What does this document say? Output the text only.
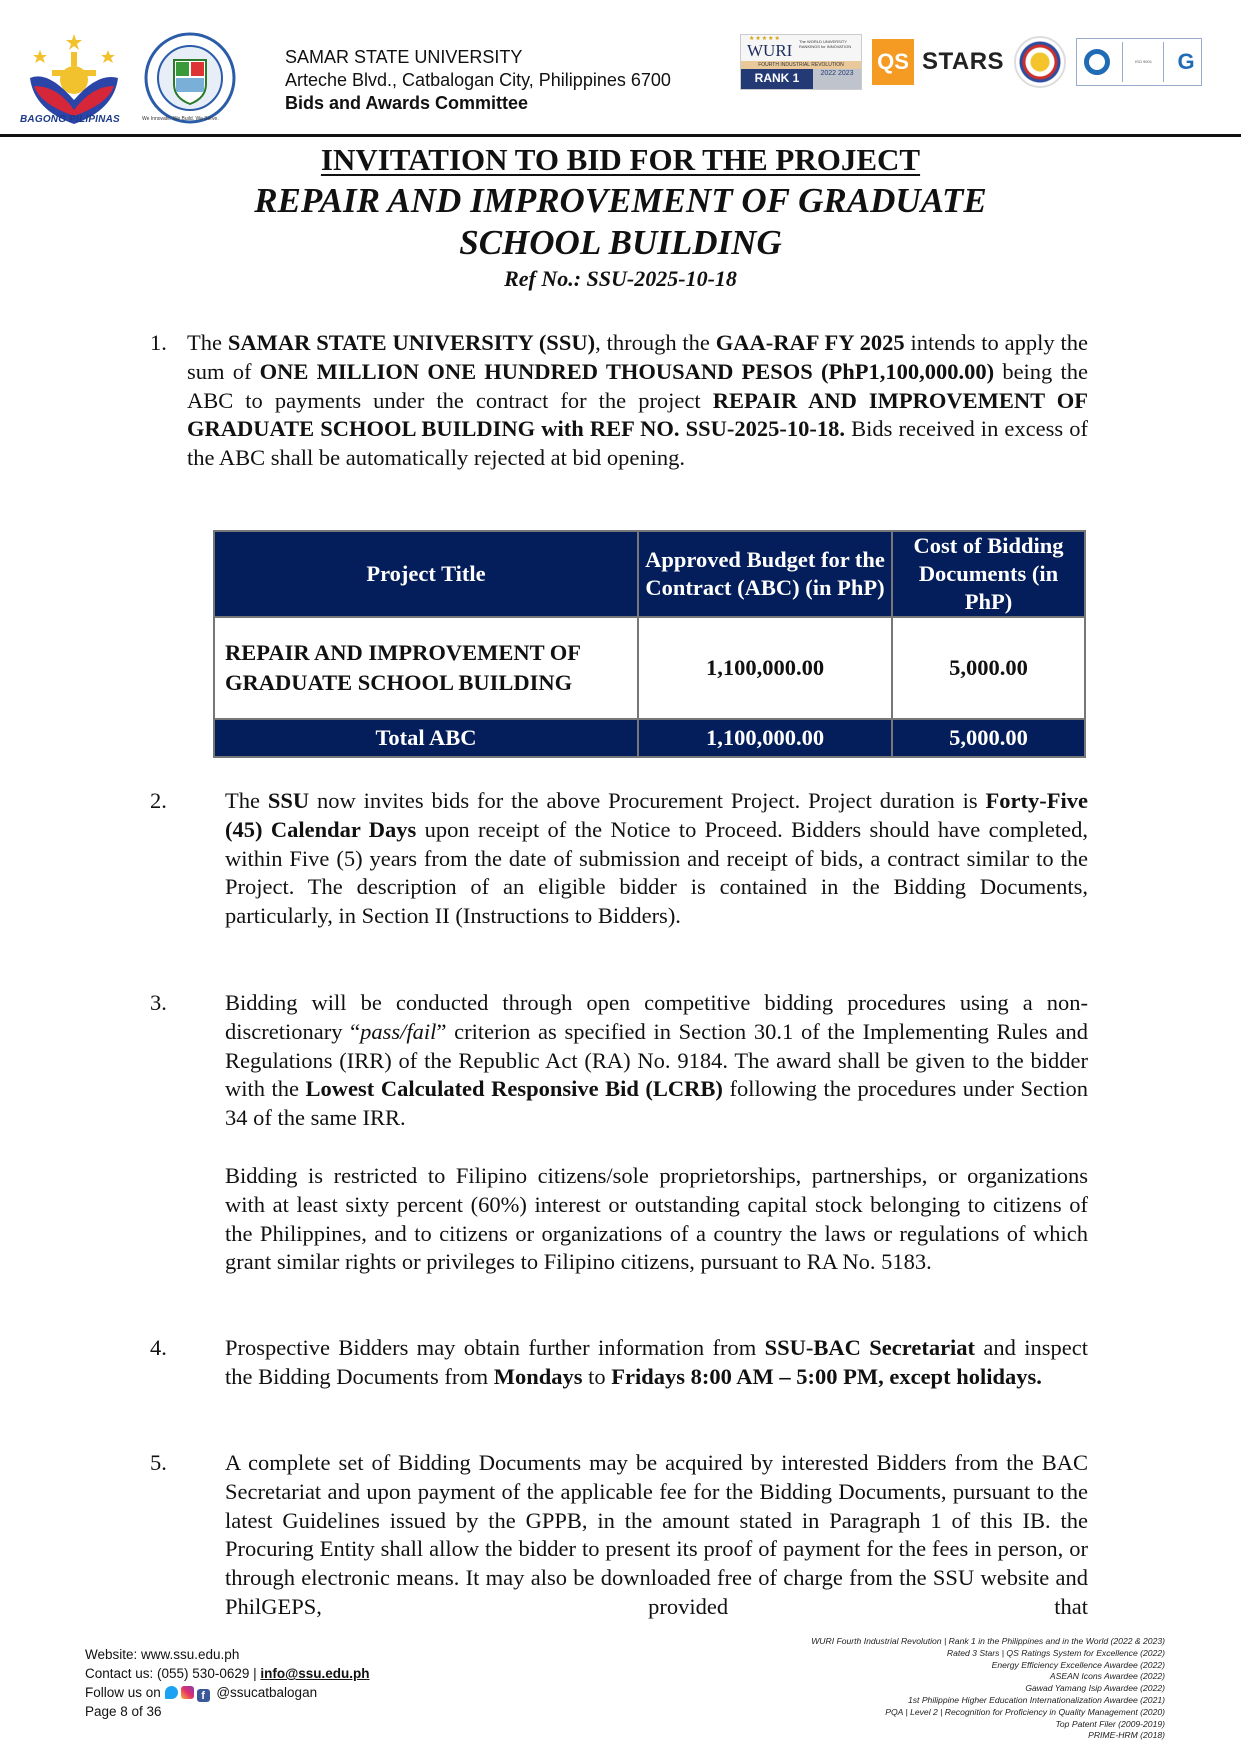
BAGONG PILIPINAS	We Innovate. We Build. We Serve.
SAMAR STATE UNIVERSITY
Arteche Blvd., Catbalogan City, Philippines 6700
Bids and Awards Committee
★★★★★
WURI The WORLD UNIVERSITY RANKINGS for INNOVATION
FOURTH INDUSTRIAL REVOLUTION
RANK 1	2022 2023	QS STARS	ISO 9001	G
INVITATION TO BID FOR THE PROJECT
REPAIR AND IMPROVEMENT OF GRADUATE
SCHOOL BUILDING
Ref No.: SSU-2025-10-18
1. The SAMAR STATE UNIVERSITY (SSU), through the GAA-RAF FY 2025 intends to apply the sum of ONE MILLION ONE HUNDRED THOUSAND PESOS (PhP1,100,000.00) being the ABC to payments under the contract for the project REPAIR AND IMPROVEMENT OF GRADUATE SCHOOL BUILDING with REF NO. SSU-2025-10-18. Bids received in excess of the ABC shall be automatically rejected at bid opening.
Project Title	Approved Budget for the Contract (ABC) (in PhP)	Cost of Bidding Documents (in PhP)
REPAIR AND IMPROVEMENT OF GRADUATE SCHOOL BUILDING	1,100,000.00	5,000.00
Total ABC	1,100,000.00	5,000.00
2.	The SSU now invites bids for the above Procurement Project. Project duration is Forty-Five (45) Calendar Days upon receipt of the Notice to Proceed. Bidders should have completed, within Five (5) years from the date of submission and receipt of bids, a contract similar to the Project. The description of an eligible bidder is contained in the Bidding Documents, particularly, in Section II (Instructions to Bidders).
3.	Bidding will be conducted through open competitive bidding procedures using a non-discretionary “pass/fail” criterion as specified in Section 30.1 of the Implementing Rules and Regulations (IRR) of the Republic Act (RA) No. 9184. The award shall be given to the bidder with the Lowest Calculated Responsive Bid (LCRB) following the procedures under Section 34 of the same IRR.
Bidding is restricted to Filipino citizens/sole proprietorships, partnerships, or organizations with at least sixty percent (60%) interest or outstanding capital stock belonging to citizens of the Philippines, and to citizens or organizations of a country the laws or regulations of which grant similar rights or privileges to Filipino citizens, pursuant to RA No. 5183.
4.	Prospective Bidders may obtain further information from SSU-BAC Secretariat and inspect the Bidding Documents from Mondays to Fridays 8:00 AM – 5:00 PM, except holidays.
5.	A complete set of Bidding Documents may be acquired by interested Bidders from the BAC Secretariat and upon payment of the applicable fee for the Bidding Documents, pursuant to the latest Guidelines issued by the GPPB, in the amount stated in Paragraph 1 of this IB. the Procuring Entity shall allow the bidder to present its proof of payment for the fees in person, or through electronic means. It may also be downloaded free of charge from the SSU website and PhilGEPS, provided that
Website: www.ssu.edu.ph
Contact us: (055) 530-0629 | info@ssu.edu.ph
Follow us on	f @ssucatbalogan
Page 8 of 36
WURI Fourth Industrial Revolution | Rank 1 in the Philippines and in the World (2022 & 2023)
Rated 3 Stars | QS Ratings System for Excellence (2022)
Energy Efficiency Excellence Awardee (2022)
ASEAN Icons Awardee (2022)
Gawad Yamang Isip Awardee (2022)
1st Philippine Higher Education Internationalization Awardee (2021)
PQA | Level 2 | Recognition for Proficiency in Quality Management (2020)
Top Patent Filer (2009-2019)
PRIME-HRM (2018)
